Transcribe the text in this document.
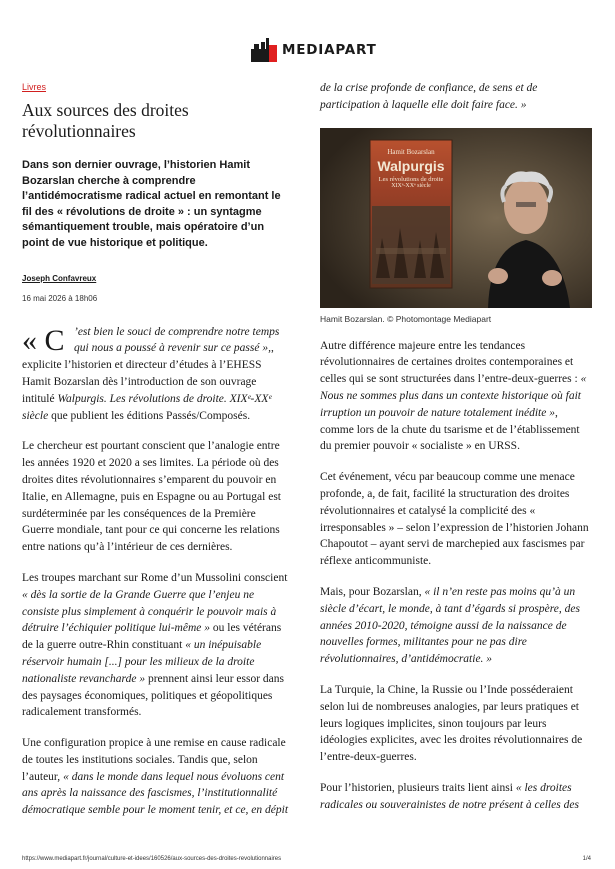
MEDIAPART
Livres
Aux sources des droites révolutionnaires
Dans son dernier ouvrage, l’historien Hamit Bozarslan cherche à comprendre l’antidémocratisme radical actuel en remontant le fil des « révolutions de droite » : un syntagme sémantiquement trouble, mais opératoire d’un point de vue historique et politique.
Joseph Confavreux
16 mai 2026 à 18h06

« C ’est bien le souci de comprendre notre temps
qui nous a poussé à revenir sur ce passé »,, explicite l’historien et directeur d’études à l’EHESS Hamit Bozarslan dès l’introduction de son ouvrage intitulé Walpurgis. Les révolutions de droite. XIXᵉ-XXᵉ siècle que publient les éditions Passés/Composés.

Le chercheur est pourtant conscient que l’analogie entre les années 1920 et 2020 a ses limites. La période où des droites dites révolutionnaires s’emparent du pouvoir en Italie, en Allemagne, puis en Espagne ou au Portugal est surdéterminée par les conséquences de la Première Guerre mondiale, tant pour ce qui concerne les relations entre nations qu’à l’intérieur de ces dernières.

Les troupes marchant sur Rome d’un Mussolini conscient « dès la sortie de la Grande Guerre que l’enjeu ne consiste plus simplement à conquérir le pouvoir mais à détruire l’échiquier politique lui-même » ou les vétérans de la guerre outre-Rhin constituant « un inépuisable réservoir humain [...] pour les milieux de la droite nationaliste revancharde » prennent ainsi leur essor dans des paysages économiques, politiques et géopolitiques radicalement transformés.

Une configuration propice à une remise en cause radicale de toutes les institutions sociales. Tandis que, selon l’auteur, « dans le monde dans lequel nous évoluons cent ans après la naissance des fascismes, l’institutionnalité démocratique semble pour le moment tenir, et ce, en dépit

de la crise profonde de confiance, de sens et de participation à laquelle elle doit faire face. »

Hamit Bozarslan
Walpurgis
Les révolutions de droite
XIXᵉ-XXᵉ siècle
Hamit Bozarslan. © Photomontage Mediapart

Autre différence majeure entre les tendances révolutionnaires de certaines droites contemporaines et celles qui se sont structurées dans l’entre-deux-guerres : « Nous ne sommes plus dans un contexte historique où fait irruption un pouvoir de nature totalement inédite », comme lors de la chute du tsarisme et de l’établissement du premier pouvoir « socialiste » en URSS.

Cet événement, vécu par beaucoup comme une menace profonde, a, de fait, facilité la structuration des droites révolutionnaires et catalysé la complicité des « irresponsables » – selon l’expression de l’historien Johann Chapoutot – ayant servi de marchepied aux fascismes par réflexe anticommuniste.

Mais, pour Bozarslan, « il n’en reste pas moins qu’à un siècle d’écart, le monde, à tant d’égards si prospère, des années 2010-2020, témoigne aussi de la naissance de nouvelles formes, militantes pour ne pas dire révolutionnaires, d’antidémocratie. »

La Turquie, la Chine, la Russie ou l’Inde posséderaient selon lui de nombreuses analogies, par leurs pratiques et leurs logiques implicites, sinon toujours par leurs idéologies explicites, avec les droites révolutionnaires de l’entre-deux-guerres.

Pour l’historien, plusieurs traits lient ainsi « les droites radicales ou souverainistes de notre présent à celles des

https://www.mediapart.fr/journal/culture-et-idees/160526/aux-sources-des-droites-revolutionnaires	1/4
